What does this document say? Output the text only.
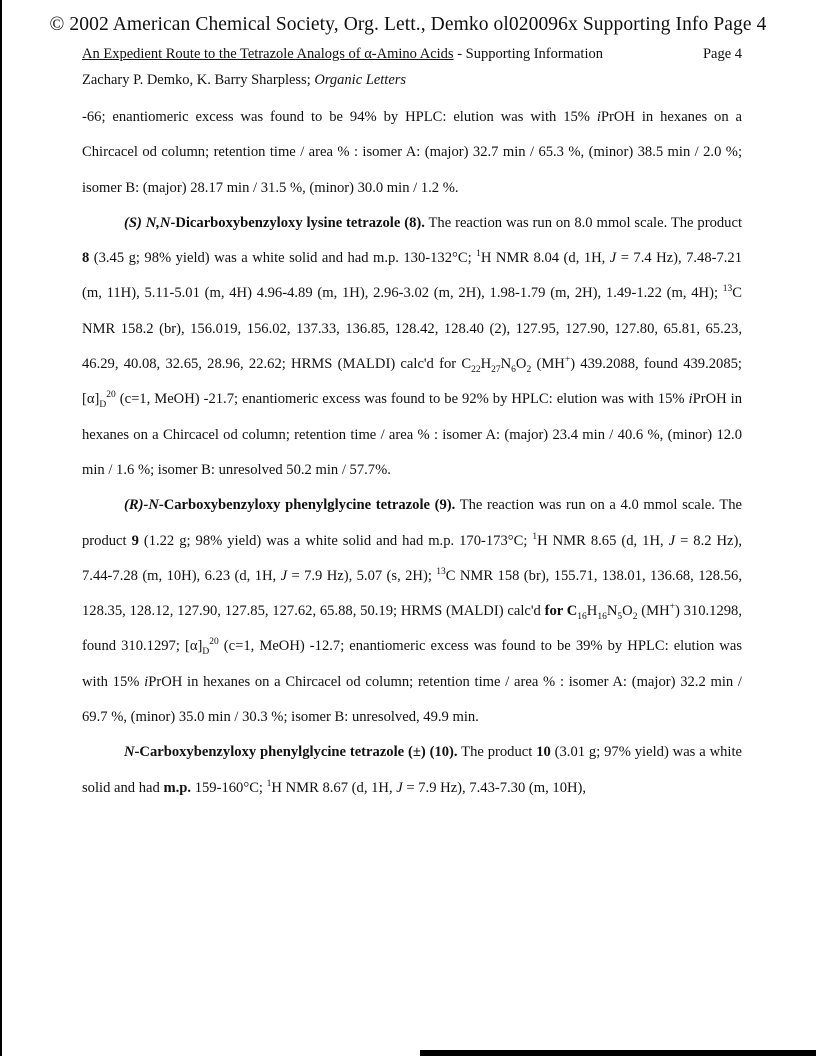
© 2002 American Chemical Society, Org. Lett., Demko ol020096x Supporting Info Page 4
An Expedient Route to the Tetrazole Analogs of α-Amino Acids - Supporting Information	Page 4
Zachary P. Demko, K. Barry Sharpless; Organic Letters

-66; enantiomeric excess was found to be 94% by HPLC: elution was with 15% iPrOH in hexanes on a Chircacel od column; retention time / area % : isomer A: (major) 32.7 min / 65.3 %, (minor) 38.5 min / 2.0 %; isomer B: (major) 28.17 min / 31.5 %, (minor) 30.0 min / 1.2 %.

(S) N,N-Dicarboxybenzyloxy lysine tetrazole (8). The reaction was run on 8.0 mmol scale. The product 8 (3.45 g; 98% yield) was a white solid and had m.p. 130-132°C; $^1$H NMR 8.04 (d, 1H, J = 7.4 Hz), 7.48-7.21 (m, 11H), 5.11-5.01 (m, 4H) 4.96-4.89 (m, 1H), 2.96-3.02 (m, 2H), 1.98-1.79 (m, 2H), 1.49-1.22 (m, 4H); $^{13}$C NMR 158.2 (br), 156.019, 156.02, 137.33, 136.85, 128.42, 128.40 (2), 127.95, 127.90, 127.80, 65.81, 65.23, 46.29, 40.08, 32.65, 28.96, 22.62; HRMS (MALDI) calc'd for $C_{22}H_{27}N_6O_2$ (MH+) 439.2088, found 439.2085; $[\alpha]_D^{20}$ (c=1, MeOH) -21.7; enantiomeric excess was found to be 92% by HPLC: elution was with 15% iPrOH in hexanes on a Chircacel od column; retention time / area % : isomer A: (major) 23.4 min / 40.6 %, (minor) 12.0 min / 1.6 %; isomer B: unresolved 50.2 min / 57.7%.

(R)-N-Carboxybenzyloxy phenylglycine tetrazole (9). The reaction was run on a 4.0 mmol scale. The product 9 (1.22 g; 98% yield) was a white solid and had m.p. 170-173°C; $^1$H NMR 8.65 (d, 1H, J = 8.2 Hz), 7.44-7.28 (m, 10H), 6.23 (d, 1H, J = 7.9 Hz), 5.07 (s, 2H); $^{13}$C NMR 158 (br), 155.71, 138.01, 136.68, 128.56, 128.35, 128.12, 127.90, 127.85, 127.62, 65.88, 50.19; HRMS (MALDI) calc'd for $C_{16}H_{16}N_5O_2$ (MH+) 310.1298, found 310.1297; $[\alpha]_D^{20}$ (c=1, MeOH) -12.7; enantiomeric excess was found to be 39% by HPLC: elution was with 15% iPrOH in hexanes on a Chircacel od column; retention time / area % : isomer A: (major) 32.2 min / 69.7 %, (minor) 35.0 min / 30.3 %; isomer B: unresolved, 49.9 min.

N-Carboxybenzyloxy phenylglycine tetrazole (±) (10). The product 10 (3.01 g; 97% yield) was a white solid and had m.p. 159-160°C; $^1$H NMR 8.67 (d, 1H, J = 7.9 Hz), 7.43-7.30 (m, 10H),
